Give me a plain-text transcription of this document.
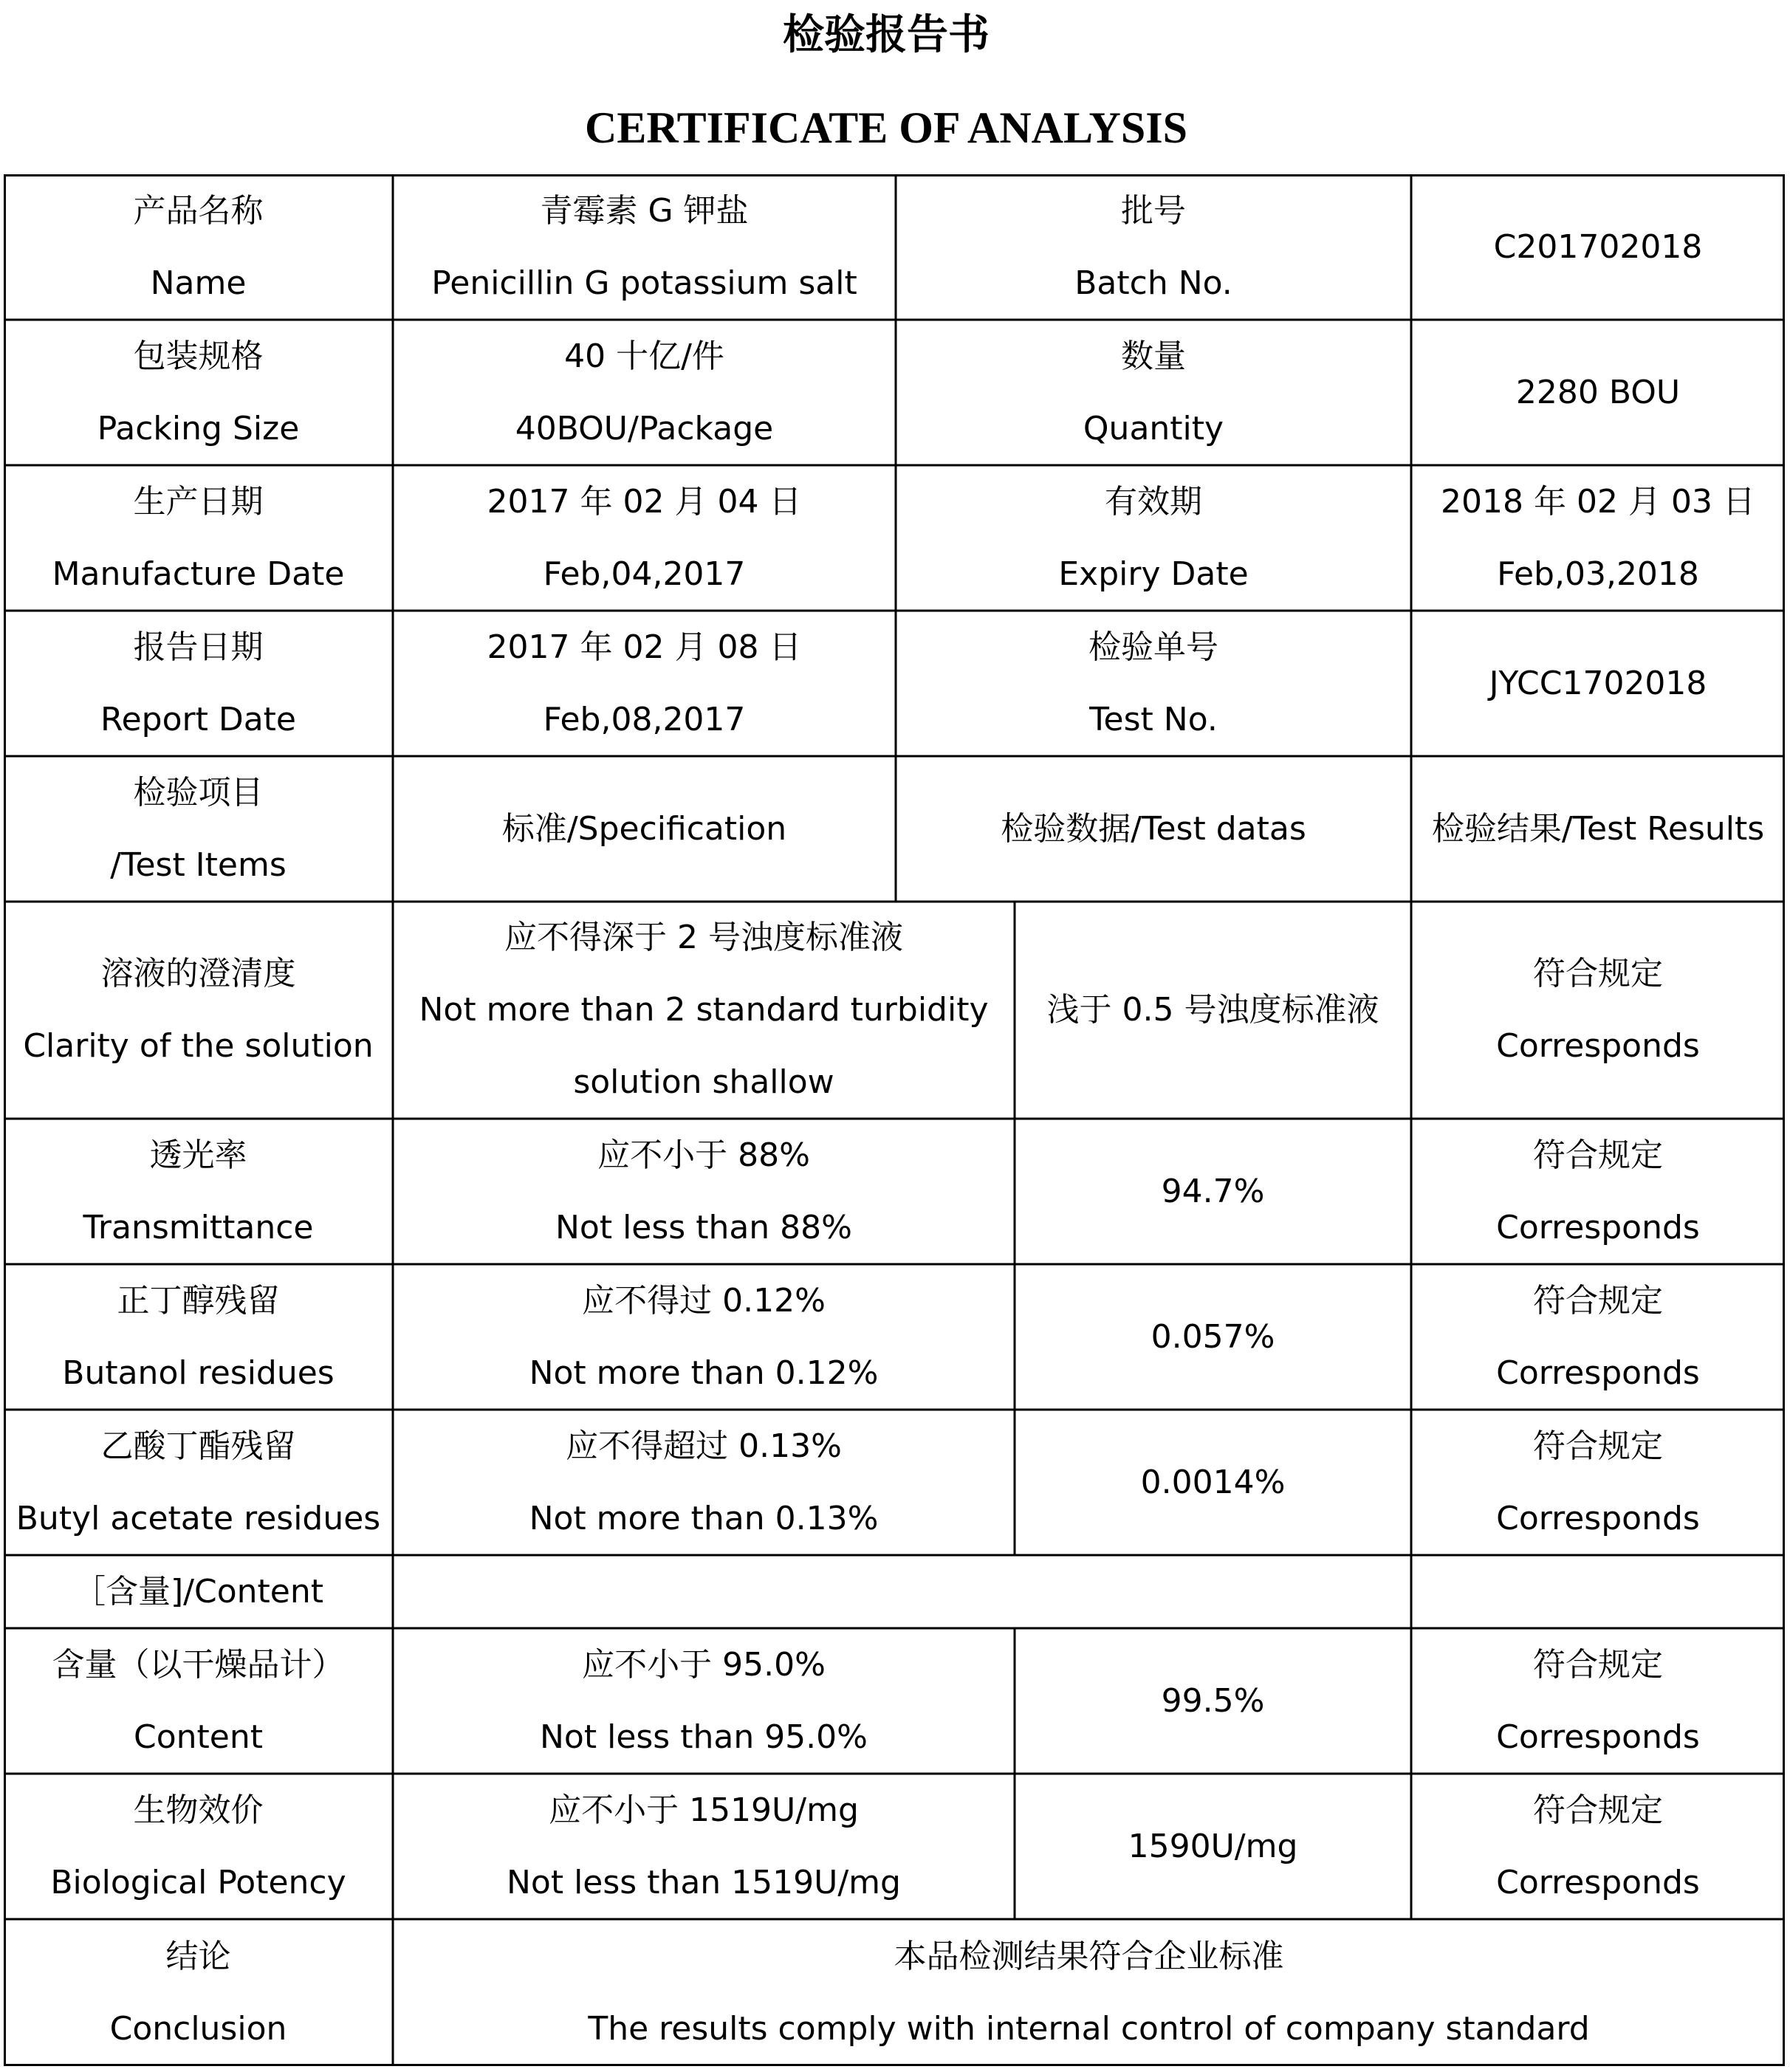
检验报告书
CERTIFICATE OF ANALYSIS
产品名称
Name
青霉素 G 钾盐
Penicillin G potassium salt
批号
Batch No.
C201702018
包装规格
Packing Size
40 十亿/件
40BOU/Package
数量
Quantity
2280 BOU
生产日期
Manufacture Date
2017 年 02 月 04 日
Feb,04,2017
有效期
Expiry Date
2018 年 02 月 03 日
Feb,03,2018
报告日期
Report Date
2017 年 02 月 08 日
Feb,08,2017
检验单号
Test No.
JYCC1702018
检验项目
/Test Items
标准/Specification	检验数据/Test datas	检验结果/Test Results
溶液的澄清度
Clarity of the solution
应不得深于 2 号浊度标准液
Not more than 2 standard turbidity
solution shallow
浅于 0.5 号浊度标准液
符合规定
Corresponds
透光率
Transmittance
应不小于 88%
Not less than 88%
94.7%
符合规定
Corresponds
正丁醇残留
Butanol residues
应不得过 0.12%
Not more than 0.12%
0.057%
符合规定
Corresponds
乙酸丁酯残留
Butyl acetate residues
应不得超过 0.13%
Not more than 0.13%
0.0014%
符合规定
Corresponds
［含量]/Content
含量（以干燥品计）
Content
应不小于 95.0%
Not less than 95.0%
99.5%
符合规定
Corresponds
生物效价
Biological Potency
应不小于 1519U/mg
Not less than 1519U/mg
1590U/mg
符合规定
Corresponds
结论
Conclusion
本品检测结果符合企业标准
The results comply with internal control of company standard
